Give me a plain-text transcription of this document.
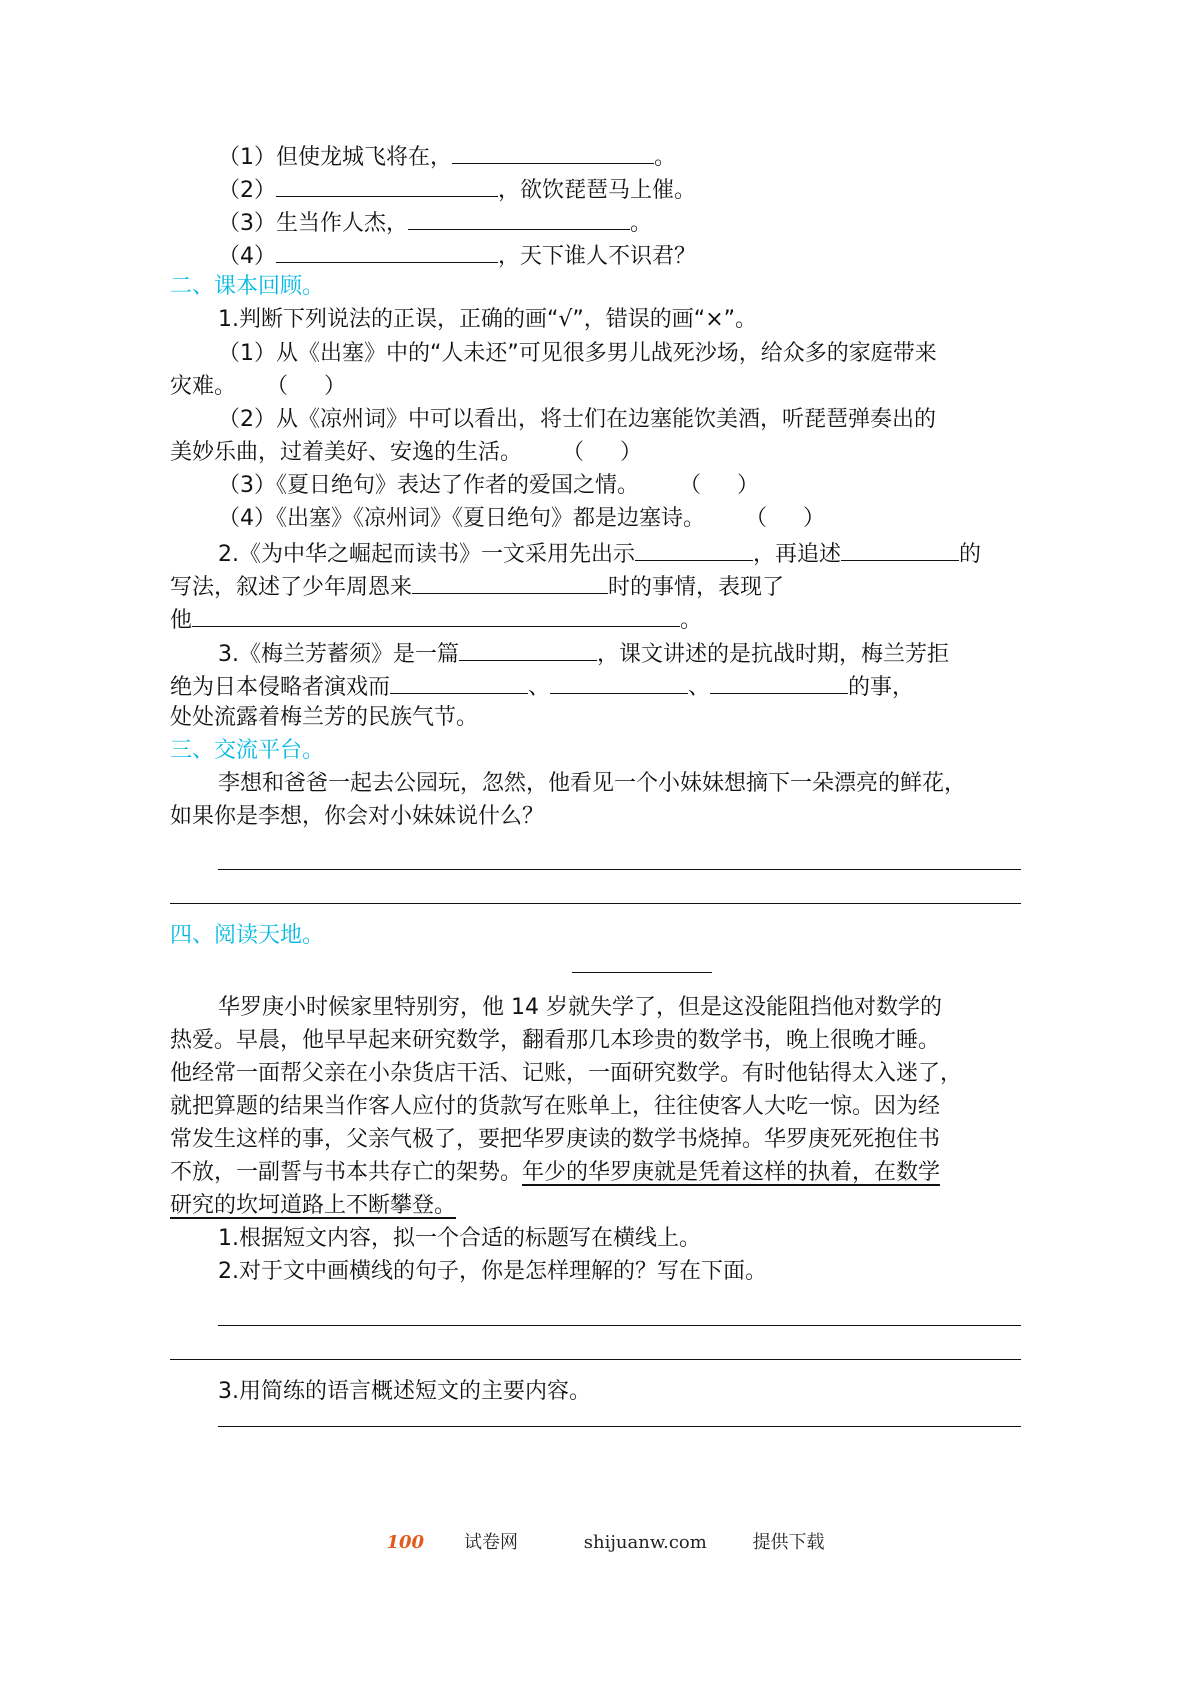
（1）但使龙城飞将在，	。
（2）	，欲饮琵琶马上催。
（3）生当作人杰，	。
（4）	，天下谁人不识君？
二、课本回顾。
1.判断下列说法的正误，正确的画“√”，错误的画“×”。
（1）从《出塞》中的“人未还”可见很多男儿战死沙场，给众多的家庭带来
灾难。 （ ）
（2）从《凉州词》中可以看出，将士们在边塞能饮美酒，听琵琶弹奏出的
美妙乐曲，过着美好、安逸的生活。 （ ）
（3）《夏日绝句》表达了作者的爱国之情。 （ ）
（4）《出塞》《凉州词》《夏日绝句》都是边塞诗。 （ ）
2.《为中华之崛起而读书》一文采用先出示	，再追述	的
写法，叙述了少年周恩来	时的事情，表现了
他	。
3.《梅兰芳蓄须》是一篇	，课文讲述的是抗战时期，梅兰芳拒
绝为日本侵略者演戏而	、	、	的事，
处处流露着梅兰芳的民族气节。
三、交流平台。
李想和爸爸一起去公园玩，忽然，他看见一个小妹妹想摘下一朵漂亮的鲜花，
如果你是李想，你会对小妹妹说什么？
四、阅读天地。
华罗庚小时候家里特别穷，他 14 岁就失学了，但是这没能阻挡他对数学的
热爱。早晨，他早早起来研究数学，翻看那几本珍贵的数学书，晚上很晚才睡。
他经常一面帮父亲在小杂货店干活、记账，一面研究数学。有时他钻得太入迷了，
就把算题的结果当作客人应付的货款写在账单上，往往使客人大吃一惊。因为经
常发生这样的事，父亲气极了，要把华罗庚读的数学书烧掉。华罗庚死死抱住书
不放，一副誓与书本共存亡的架势。年少的华罗庚就是凭着这样的执着，在数学
研究的坎坷道路上不断攀登。
1.根据短文内容，拟一个合适的标题写在横线上。
2.对于文中画横线的句子，你是怎样理解的？写在下面。
3.用简练的语言概述短文的主要内容。
100 试卷网	shijuanw.com	提供下载
